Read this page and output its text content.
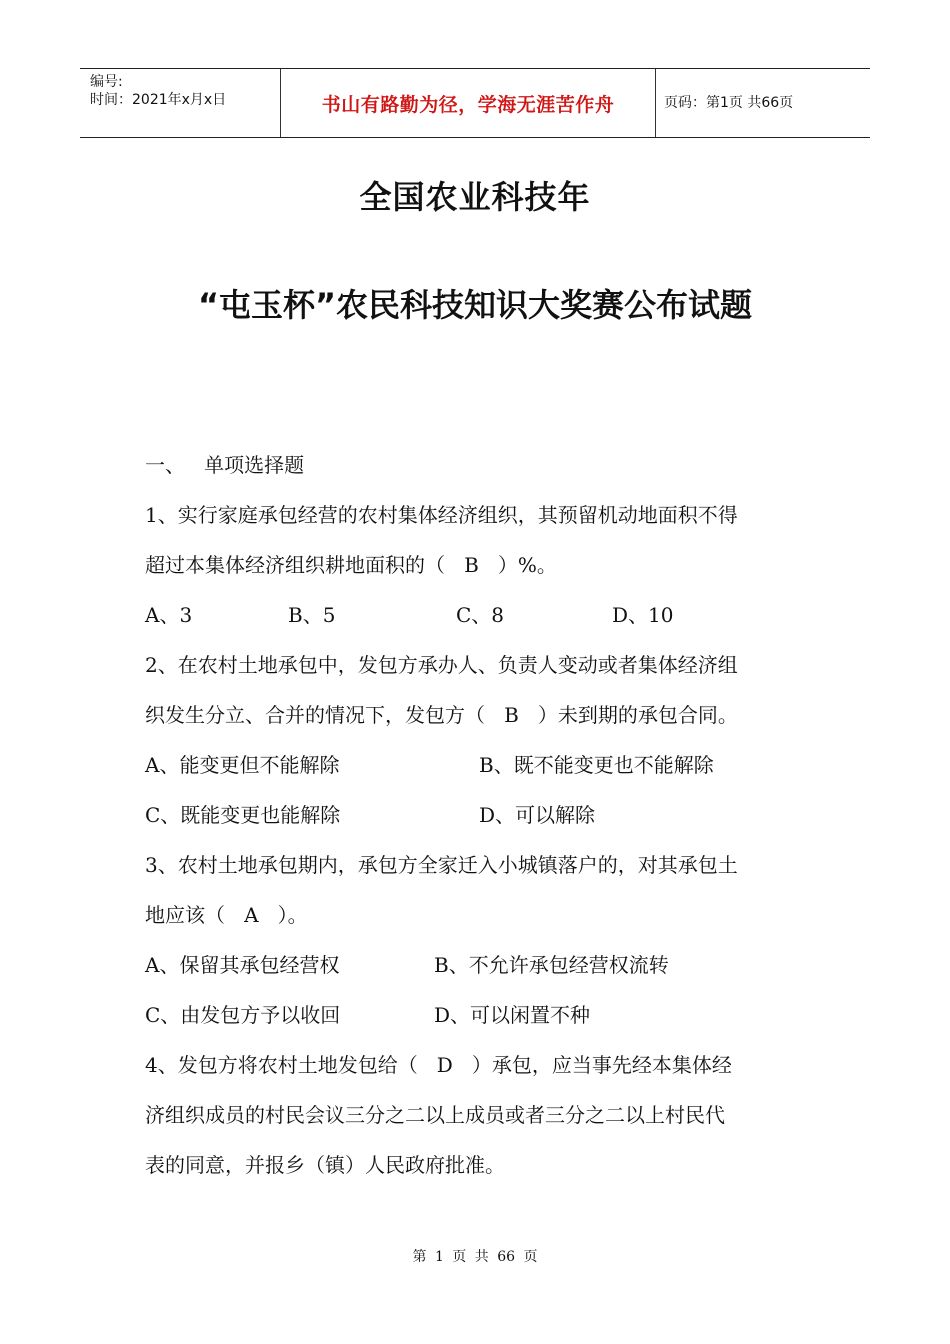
编号:
时间：2021年x月x日	书山有路勤为径，学海无涯苦作舟	页码：第1页 共66页
全国农业科技年
“屯玉杯”农民科技知识大奖赛公布试题
一、   单项选择题
1、实行家庭承包经营的农村集体经济组织，其预留机动地面积不得
超过本集体经济组织耕地面积的（   B   ）%。
A、3	B、5	C、8	D、10
2、在农村土地承包中，发包方承办人、负责人变动或者集体经济组
织发生分立、合并的情况下，发包方（   B   ）未到期的承包合同。
A、能变更但不能解除	B、既不能变更也不能解除
C、既能变更也能解除	D、可以解除
3、农村土地承包期内，承包方全家迁入小城镇落户的，对其承包土
地应该（   A   ）。
A、保留其承包经营权	B、不允许承包经营权流转
C、由发包方予以收回	D、可以闲置不种
4、发包方将农村土地发包给（   D   ）承包，应当事先经本集体经
济组织成员的村民会议三分之二以上成员或者三分之二以上村民代
表的同意，并报乡（镇）人民政府批准。
第 1 页 共 66 页
